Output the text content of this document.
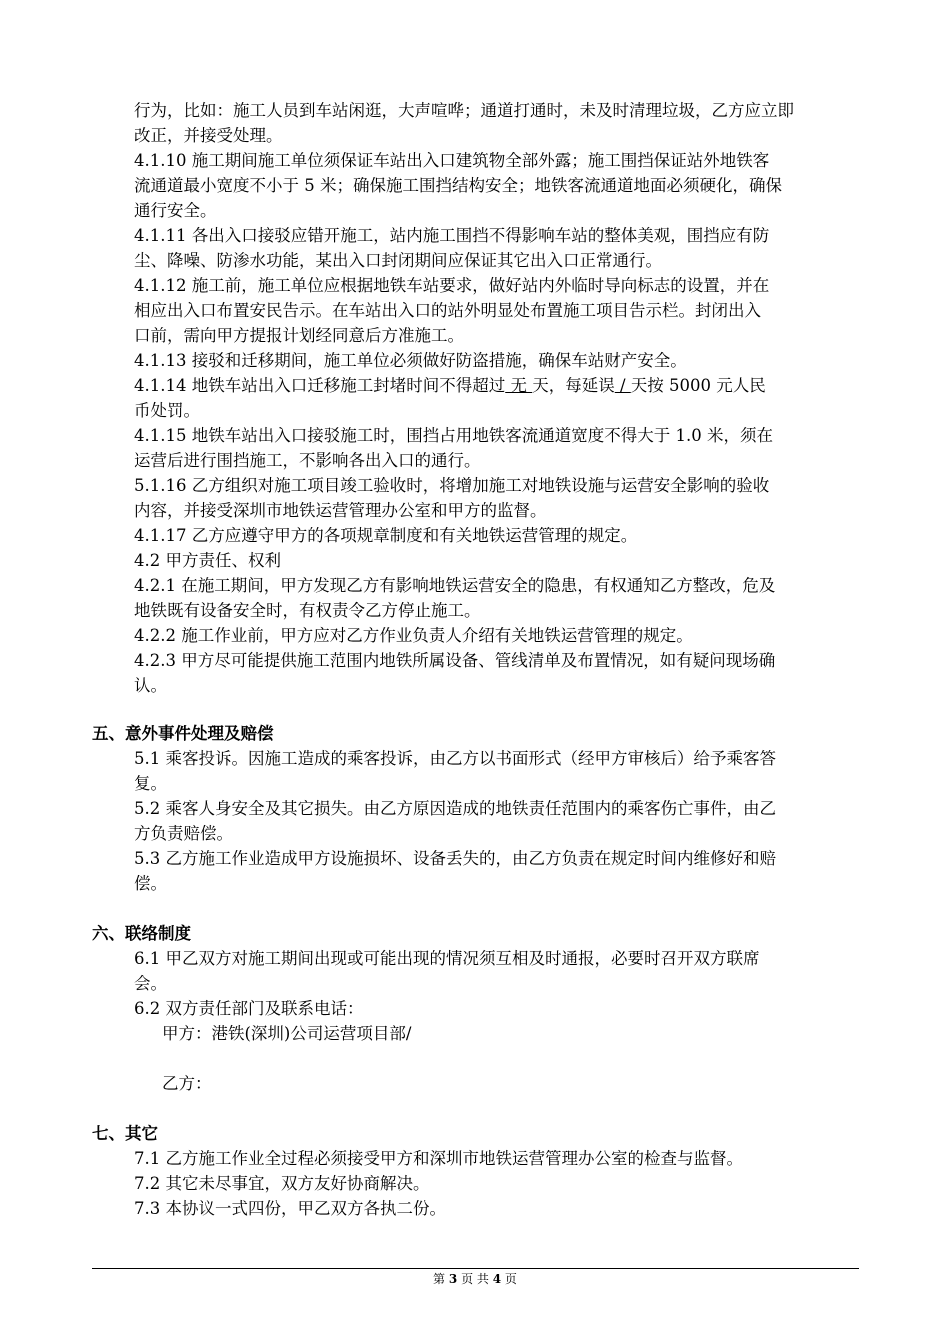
行为，比如：施工人员到车站闲逛，大声喧哗；通道打通时，未及时清理垃圾，乙方应立即
改正，并接受处理。
4.1.10 施工期间施工单位须保证车站出入口建筑物全部外露；施工围挡保证站外地铁客
流通道最小宽度不小于 5 米；确保施工围挡结构安全；地铁客流通道地面必须硬化，确保
通行安全。
4.1.11 各出入口接驳应错开施工，站内施工围挡不得影响车站的整体美观，围挡应有防
尘、降噪、防渗水功能，某出入口封闭期间应保证其它出入口正常通行。
4.1.12 施工前，施工单位应根据地铁车站要求，做好站内外临时导向标志的设置，并在
相应出入口布置安民告示。在车站出入口的站外明显处布置施工项目告示栏。封闭出入
口前，需向甲方提报计划经同意后方准施工。
4.1.13 接驳和迁移期间，施工单位必须做好防盗措施，确保车站财产安全。
4.1.14 地铁车站出入口迁移施工封堵时间不得超过 无 天，每延误 / 天按 5000 元人民
币处罚。
4.1.15 地铁车站出入口接驳施工时，围挡占用地铁客流通道宽度不得大于 1.0 米，须在
运营后进行围挡施工，不影响各出入口的通行。
5.1.16 乙方组织对施工项目竣工验收时，将增加施工对地铁设施与运营安全影响的验收
内容，并接受深圳市地铁运营管理办公室和甲方的监督。
4.1.17 乙方应遵守甲方的各项规章制度和有关地铁运营管理的规定。
4.2 甲方责任、权利
4.2.1 在施工期间，甲方发现乙方有影响地铁运营安全的隐患，有权通知乙方整改，危及
地铁既有设备安全时，有权责令乙方停止施工。
4.2.2 施工作业前，甲方应对乙方作业负责人介绍有关地铁运营管理的规定。
4.2.3 甲方尽可能提供施工范围内地铁所属设备、管线清单及布置情况，如有疑问现场确
认。
五、意外事件处理及赔偿
5.1 乘客投诉。因施工造成的乘客投诉，由乙方以书面形式（经甲方审核后）给予乘客答
复。
5.2 乘客人身安全及其它损失。由乙方原因造成的地铁责任范围内的乘客伤亡事件，由乙
方负责赔偿。
5.3 乙方施工作业造成甲方设施损坏、设备丢失的，由乙方负责在规定时间内维修好和赔
偿。
六、联络制度
6.1 甲乙双方对施工期间出现或可能出现的情况须互相及时通报，必要时召开双方联席
会。
6.2 双方责任部门及联系电话：
甲方：港铁(深圳)公司运营项目部/
乙方：
七、其它
7.1 乙方施工作业全过程必须接受甲方和深圳市地铁运营管理办公室的检查与监督。
7.2 其它未尽事宜，双方友好协商解决。
7.3 本协议一式四份，甲乙双方各执二份。
第 3 页 共 4 页
